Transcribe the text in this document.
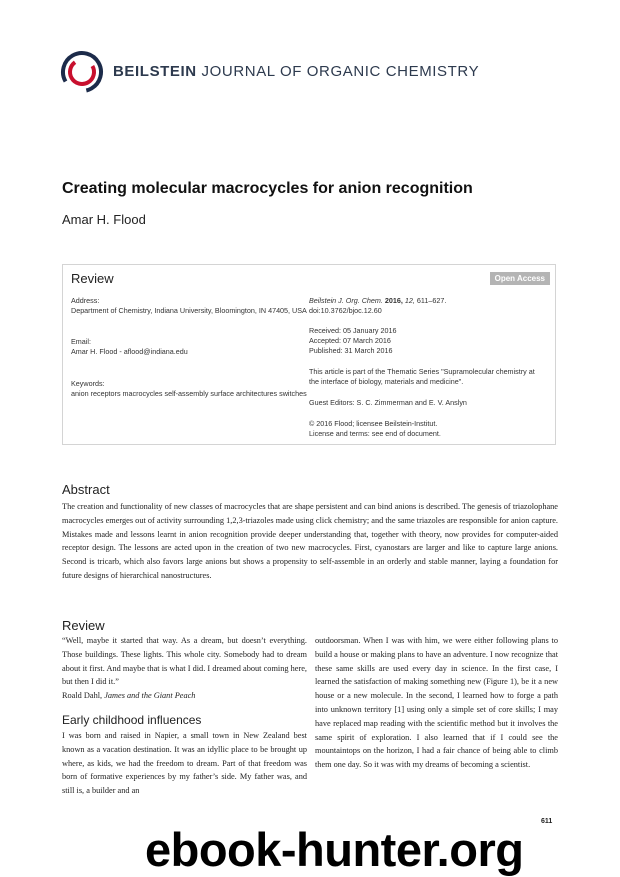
BEILSTEIN JOURNAL OF ORGANIC CHEMISTRY
Creating molecular macrocycles for anion recognition
Amar H. Flood
Review	Open Access
Address:
Department of Chemistry, Indiana University, Bloomington, IN 47405, USA
Email:
Amar H. Flood - aflood@indiana.edu
Keywords:
anion receptors macrocycles self-assembly surface architectures switches
Beilstein J. Org. Chem. 2016, 12, 611–627.
doi:10.3762/bjoc.12.60
Received: 05 January 2016
Accepted: 07 March 2016
Published: 31 March 2016
This article is part of the Thematic Series "Supramolecular chemistry at
the interface of biology, materials and medicine".
Guest Editors: S. C. Zimmerman and E. V. Anslyn
© 2016 Flood; licensee Beilstein-Institut.
License and terms: see end of document.
Abstract
The creation and functionality of new classes of macrocycles that are shape persistent and can bind anions is described. The genesis of triazolophane macrocycles emerges out of activity surrounding 1,2,3-triazoles made using click chemistry; and the same triazoles are responsible for anion capture. Mistakes made and lessons learnt in anion recognition provide deeper understanding that, together with theory, now provides for computer-aided receptor design. The lessons are acted upon in the creation of two new macrocycles. First, cyanostars are larger and like to capture large anions. Second is tricarb, which also favors large anions but shows a propensity to self-assemble in an orderly and stable manner, laying a foundation for future designs of hierarchical nanostructures.
Review
“Well, maybe it started that way. As a dream, but doesn’t everything. Those buildings. These lights. This whole city. Somebody had to dream about it first. And maybe that is what I did. I dreamed about coming here, but then I did it.”
Roald Dahl, James and the Giant Peach
Early childhood influences
I was born and raised in Napier, a small town in New Zealand best known as a vacation destination. It was an idyllic place to be brought up where, as kids, we had the freedom to dream. Part of that freedom was born of formative experiences by my father’s side. My father was, and still is, a builder and an
outdoorsman. When I was with him, we were either following plans to build a house or making plans to have an adventure. I now recognize that these same skills are used every day in science. In the first case, I learned the satisfaction of making something new (Figure 1), be it a new house or a new molecule. In the second, I learned how to forge a path into unknown territory [1] using only a simple set of core skills; I may have replaced map reading with the scientific method but it involves the same spirit of exploration. I also learned that if I could see the mountaintops on the horizon, I had a fair chance of being able to climb them one day. So it was with my dreams of becoming a scientist.
611
ebook-hunter.org
